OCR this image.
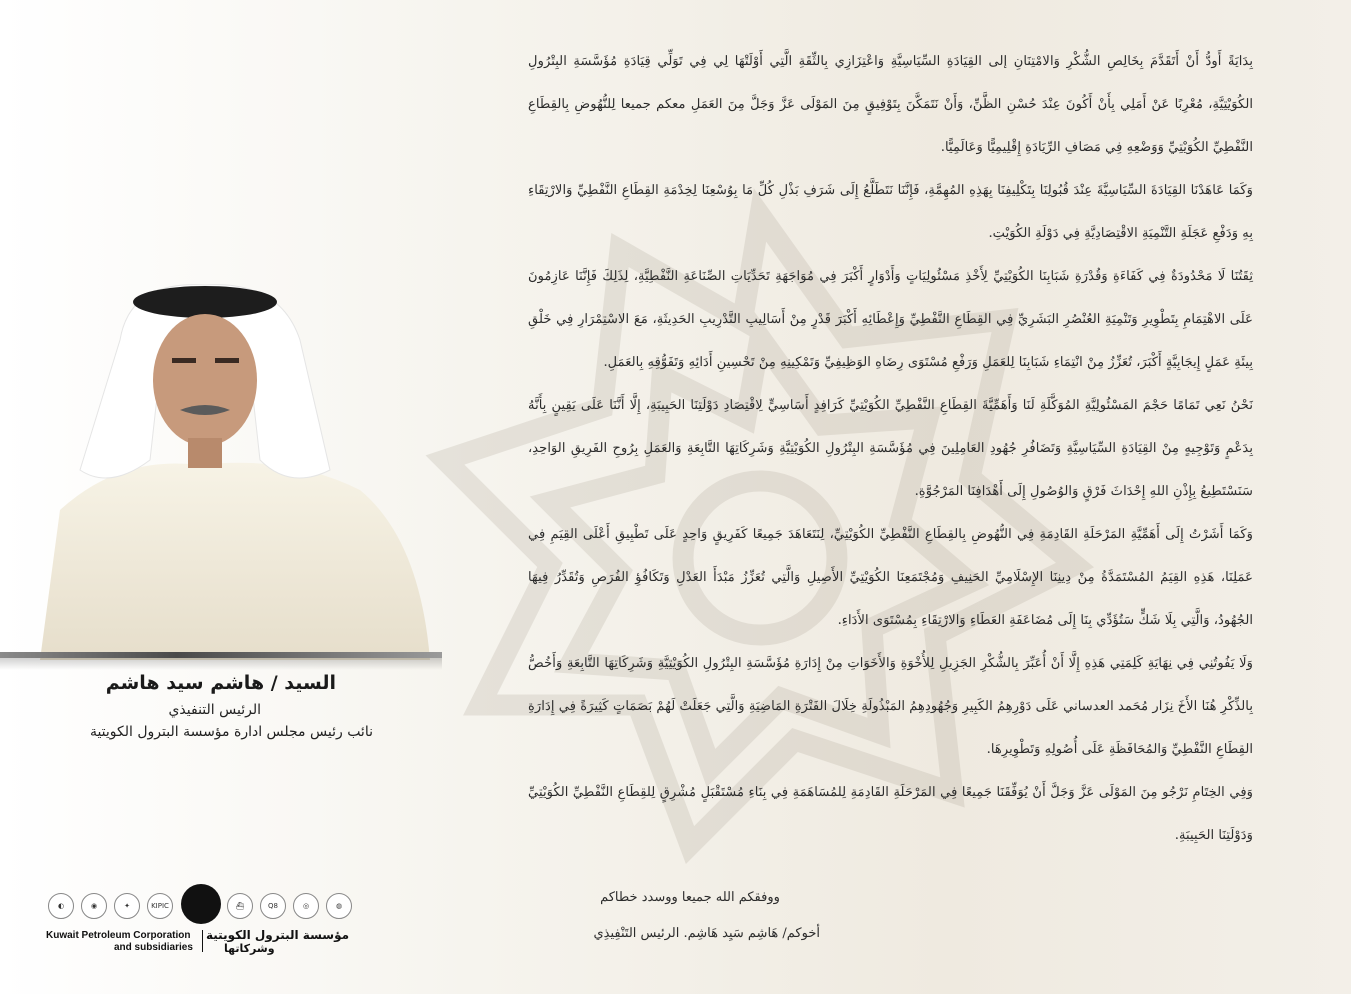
السيد / هاشم سيد هاشم
الرئيس التنفيذي
نائب رئيس مجلس ادارة مؤسسة البترول الكويتية

بِدَايَةً أَودُّ أَنْ أَتَقَدَّمَ بِخَالِصِ الشُّكْرِ وَالامْتِنَانِ إلى القِيَادَةِ السِّيَاسِيَّةِ وَاعْتِزَازِي بِالثِّقَةِ الَّتِي أَوْلَتْهَا لِي فِي تَوَلِّي قِيَادَةِ مُؤَسَّسَةِ البِتْرُولِ الكُوَيْتِيَّةِ، مُعْرِبًا عَنْ أَمَلِي بِأَنْ أَكُونَ عِنْدَ حُسْنِ الظَّنِّ، وَأَنْ نَتَمَكَّنَ بِتَوْفِيقٍ مِنَ المَوْلَى عَزَّ وَجَلَّ مِنَ العَمَلِ معكم جميعا لِلنُّهُوضِ بِالقِطَاعِ النَّفْطِيِّ الكُوَيْتِيِّ وَوَضْعِهِ فِي مَصَافِ الرِّيَادَةِ إِقْلِيمِيًّا وَعَالَمِيًّا.

وَكَمَا عَاهَدْنَا القِيَادَةَ السِّيَاسِيَّةَ عِنْدَ قُبُولِنَا بِتَكْلِيفِنَا بِهَذِهِ المُهِمَّةِ، فَإِنَّنَا نَتَطَلَّعُ إِلَى شَرَفِ بَذْلِ كُلِّ مَا بِوُسْعِنَا لِخِدْمَةِ القِطَاعِ النَّفْطِيِّ وَالارْتِقَاءِ بِهِ وَدَفْعِ عَجَلَةِ التَّنْمِيَةِ الاقْتِصَادِيَّةِ فِي دَوْلَةِ الكُوَيْتِ.

ثِقَتُنَا لَا مَحْدُودَةٌ فِي كَفَاءَةِ وَقُدْرَةِ شَبَابِنَا الكُوَيْتِيِّ لِأَخْذِ مَسْئُولِيَاتٍ وَأَدْوَارٍ أَكْبَرَ فِي مُوَاجَهَةِ تَحَدِّيَاتِ الصِّنَاعَةِ النَّفْطِيَّةِ، لِذَلِكَ فَإِنَّنَا عَازِمُونَ عَلَى الاهْتِمَامِ بِتَطْوِيرِ وَتَنْمِيَةِ العُنْصُرِ البَشَرِيِّ فِي القِطَاعِ النَّفْطِيِّ وَإِعْطَائِهِ أَكْبَرَ قَدْرٍ مِنْ أَسَالِيبِ التَّدْرِيبِ الحَدِيثَةِ، مَعَ الاسْتِمْرَارِ فِي خَلْقِ بِيئَةِ عَمَلٍ إِيجَابِيَّةٍ أَكْبَرَ، تُعَزِّزُ مِنْ انْتِمَاءِ شَبَابِنَا لِلعَمَلِ وَرَفْعِ مُسْتَوَى رِضَاهِ الوَظِيفِيِّ وَتَمْكِينِهِ مِنْ تَحْسِينِ أَدَائِهِ وَتَفَوُّقِهِ بِالعَمَلِ.

نَحْنُ نَعِي تَمَامًا حَجْمَ المَسْئُولِيَّةِ المُوَكَّلَةِ لَنَا وَأَهَمِّيَّةَ القِطَاعِ النَّفْطِيِّ الكُوَيْتِيِّ كَرَافِدٍ أَسَاسِيٍّ لِاقْتِصَادِ دَوْلَتِنَا الحَبِيبَةِ، إِلَّا أَنَّنَا عَلَى يَقِينٍ بِأَنَّهُ بِدَعْمٍ وَتَوْجِيهٍ مِنْ القِيَادَةِ السِّيَاسِيَّةِ وَتَضَافُرِ جُهُودِ العَامِلِينَ فِي مُؤَسَّسَةِ البِتْرُولِ الكُوَيْتِيَّةِ وَشَرِكَاتِهَا التَّابِعَةِ وَالعَمَلِ بِرُوحِ الفَرِيقِ الوَاحِدِ، سَنَسْتَطِيعُ بِإِذْنِ اللهِ إِحْدَاثَ فَرْقٍ وَالوُصُولِ إِلَى أَهْدَافِنَا المَرْجُوَّةِ.

وَكَمَا أَشَرْتُ إِلَى أَهَمِّيَّةِ المَرْحَلَةِ القَادِمَةِ فِي النُّهُوضِ بِالقِطَاعِ النَّفْطِيِّ الكُوَيْتِيِّ، لِنَتَعَاهَدَ جَمِيعًا كَفَرِيقٍ وَاحِدٍ عَلَى تَطْبِيقِ أَعْلَى القِيَمِ فِي عَمَلِنَا، هَذِهِ القِيَمُ المُسْتَمَدَّةُ مِنْ دِينِنَا الإِسْلَامِيِّ الحَنِيفِ وَمُجْتَمَعِنَا الكُوَيْتِيِّ الأَصِيلِ وَالَّتِي تُعَزِّزُ مَبْدَأَ العَدْلِ وَتَكَافُؤِ الفُرَصِ وَتُقَدِّرُ فِيهَا الجُهُودُ، وَالَّتِي بِلَا شَكٍّ سَتُؤَدِّي بِنَا إِلَى مُضَاعَفَةِ العَطَاءِ وَالارْتِقَاءِ بِمُسْتَوَى الأَدَاءِ.

وَلَا يَفُوتُنِي فِي نِهَايَةِ كَلِمَتِي هَذِهِ إِلَّا أَنْ أُعَبِّرَ بِالشُّكْرِ الجَزِيلِ لِلأُخْوَةِ وَالأَخَوَاتِ مِنْ إِدَارَةِ مُؤَسَّسَةِ البِتْرُولِ الكُوَيْتِيَّةِ وَشَرِكَاتِهَا التَّابِعَةِ وَأَخُصُّ بِالذِّكْرِ هُنَا الأَخَ نِزَار مُحَمد العدساني عَلَى دَوْرِهِمُ الكَبِيرِ وَجُهُودِهِمُ المَبْذُولَةِ خِلَالَ الفَتْرَةِ المَاضِيَةِ وَالَّتِي جَعَلَتْ لَهُمْ بَصَمَاتٍ كَثِيرَةً فِي إِدَارَةِ القِطَاعِ النَّفْطِيِّ وَالمُحَافَظَةِ عَلَى أُصُولِهِ وَتَطْوِيرِهَا.

وَفِي الخِتَامِ نَرْجُو مِنَ المَوْلَى عَزَّ وَجَلَّ أَنْ يُوَفِّقَنَا جَمِيعًا فِي المَرْحَلَةِ القَادِمَةِ لِلمُسَاهَمَةِ فِي بِنَاءِ مُسْتَقْبَلٍ مُشْرِقٍ لِلقِطَاعِ النَّفْطِيِّ الكُوَيْتِيِّ وَدَوْلَتِنَا الحَبِيبَةِ.

ووفقكم الله جميعا ووسدد خطاكم
أخوكم/ هَاشِم سَيِد هَاشِم. الرئيس التَنْفِيذِي
◐	◉	✦	KIPIC	⛴	Q8	◎	◍
Kuwait Petroleum Corporation
and subsidiaries
مؤسسة البترول الكويتية
وشركاتها
